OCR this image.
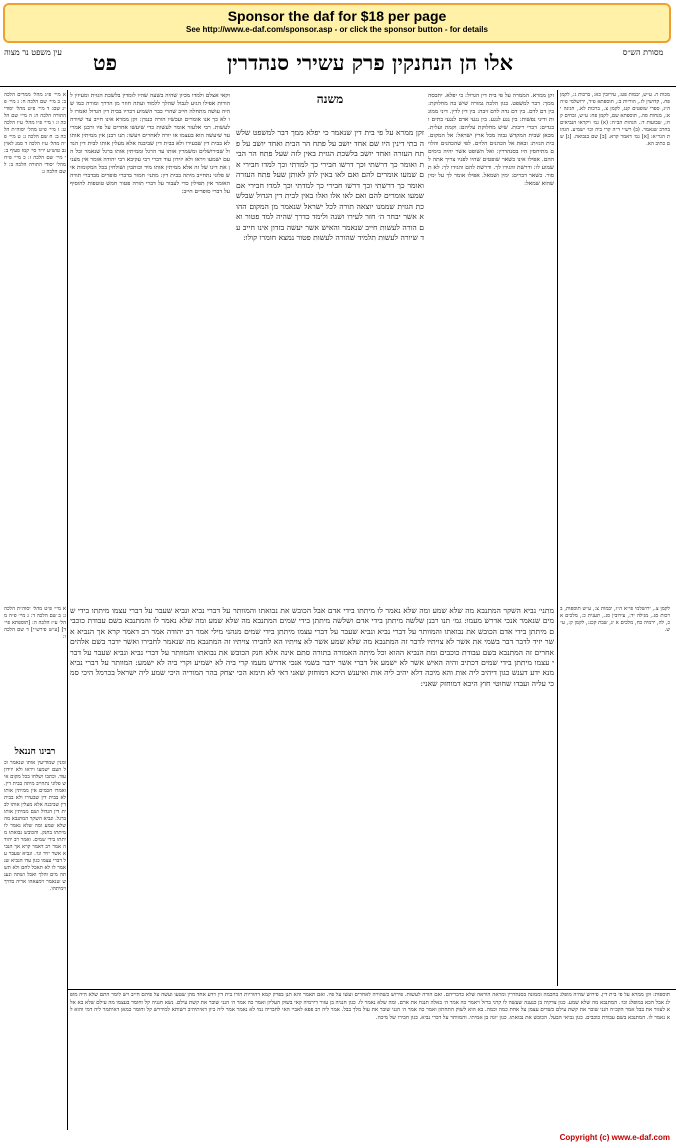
Sponsor the daf for $18 per page
See http://www.e-daf.com/sponsor.asp - or click the sponsor button - for details
עין משפט נר מצוה	פט	אלו הן הנחנקין פרק עשירי סנהדרין	מסורת הש״ס
א מיי׳ פ״ג מהל׳ ממרים הלכה ב: ב מיי׳ שם הלכה ח: ג מיי׳ פ״ג שם: ד מיי׳ פ״ט מהל׳ יסודי התורה הלכה ה: ה מיי׳ שם הלכה ז: ו מיי׳ פ״ו מהל׳ ע״ז הלכה ט: ז מיי׳ פ״ט מהל׳ יסוה״ת הלכה ב: ח שם הלכה ג: ט מיי׳ פ״ה מהל׳ ע״ז הלכה ד סמג לאוין נב טוש״ע יו״ד סי׳ קמז סעיף ב: י מיי׳ שם הלכה ז: כ מיי׳ פ״ח מהל׳ יסודי התורה הלכה ב: ל שם הלכה ג:
וקאי אצלם ולמדו מכיון שהיה בשעה שהיו לומדין בלשכת הגזית ומעיזין להורות אפילו הגיע לגבול שהלך ללמוד ועתה חוזר מן הדרך ומורה כמו שהיה עושה מתחלה חייב שהרי כבר השמיע דבריו בבית דין הגדול ואמרו לו לא כך אנו אומרים ועכשיו הורה כנגדן: זקן ממרא אינו חייב עד שיורה לעשות. רבי אלעזר אומר לעשות כדי שיעשו אחרים על פיו ורבנן אמרי עד שיעשה הוא בעצמו או יורה לאחרים ויעשו: תנו רבנן אין ממיתין אותו לא בבית דין שבעירו ולא בבית דין שביבנה אלא מעלין אותו לבית דין הגדול שבירושלים ומשמרין אותו עד הרגל וממיתין אותו ברגל שנאמר וכל העם ישמעו ויראו ולא יזידון עוד דברי רבי עקיבא רבי יהודה אומר אין מענין את דינו של זה אלא ממיתין אותו מיד וכותבין ושולחין בכל המקומות איש פלוני נתחייב מיתה בבית דין: מתני׳ חמור בדברי סופרים מבדברי תורה האומר אין תפילין כדי לעבור על דברי תורה פטור חמש טוטפות להוסיף על דברי סופרים חייב:
משנה
זקן ממרא על פי בית דין שנאמר כי יפלא ממך דבר למשפט שלשה בתי דינין היו שם אחד יושב על פתח הר הבית ואחד יושב על פתח העזרה ואחד יושב בלשכת הגזית באין לזה שעל פתח הר הבית ואומר כך דרשתי וכך דרשו חבירי כך למדתי וכך למדו חבירי אם שמעו אומרים להם ואם לאו באין להן לאותן שעל פתח העזרה ואומר כך דרשתי וכך דרשו חבירי כך למדתי וכך למדו חבירי אם שמעו אומרים להם ואם לאו אלו ואלו באין לבית דין הגדול שבלשכת הגזית שממנו יוצאה תורה לכל ישראל שנאמר מן המקום ההוא אשר יבחר ה׳ חזר לעירו ושנה ולימד כדרך שהיה למד פטור ואם הורה לעשות חייב שנאמר והאיש אשר יעשה בזדון אינו חייב עד שיורה לעשות תלמיד שהורה לעשות פטור נמצא חומרו קולו:
זקן ממרא. הממרה על פי בית דין הגדול: כי יפלא. יתכסה ממך: דבר למשפט. כגון הלכה גמורה שיש בה מחלוקת: בין דם לדם. בין דם נדה לדם זיבה: בין דין לדין. דיני ממונות ודיני נפשות: בין נגע לנגע. בין נגעי אדם לנגעי בתים ובגדים: דברי ריבות. שיש מחלוקת עליהם: וקמת ועלית. מכאן שבית המקדש גבוה מכל ארץ ישראל: אל המקום. בית הגזית: ובאת אל הכהנים הלוים. לפי שהכהנים והלוים מתיחסין היו בסנהדרין: ואל השופט אשר יהיה בימים ההם. אפילו אינו כשאר שופטים שהיו לפניו צריך אתה לשמוע לו: ודרשת והגידו לך. ודרשת להם והגידו לך: לא תסור. כשאר דברים: ימין ושמאל. אפילו אומר לך על ימין שהוא שמאל:
מכות ה. ע״ש, יבמות פט:, עירובין כא:, ברכות ג:, לקמן פח., קדושין לז., הוריות ב:, תוספתא פ״ד, ירושלמי פ״ה ה״ג, ספרי שופטים קנג, לקמן צ., ברכות לא., חגיגה יא:, מנחות סה., תוספתא שם, לקמן פח: ע״ש, זבחים קח:, שבועות ד:. הגהות הב״ח: (א) גמ׳ ויקראו הנביאים בחרב שנאמר. (ב) רש״י ד״ה קרי ביה וכו׳ ישמיע. הגהות הגר״א: [א] גמ׳ דאמר קרא. [ב] שם בנבואה. [ג] שם כתיב הא.
מתני׳ נביא השקר המתנבא מה שלא שמע ומה שלא נאמר לו מיתתו בידי אדם אבל הכובש את נבואתו והמוותר על דברי נביא ונביא שעבר על דברי עצמו מיתתו בידי שמים שנאמר אנכי אדרש מעמו: גמ׳ תנו רבנן שלשה מיתתן בידי אדם ושלשה מיתתן בידי שמים המתנבא מה שלא שמע ומה שלא נאמר לו והמתנבא בשם עבודת כוכבים מיתתן בידי אדם הכובש את נבואתו והמוותר על דברי נביא ונביא שעבר על דברי עצמו מיתתן בידי שמים מנהני מילי אמר רב יהודה אמר רב דאמר קרא אך הנביא אשר יזיד לדבר דבר בשמי את אשר לא צויתיו לדבר זה המתנבא מה שלא שמע אשר לא צויתיו הא לחבירו צויתיו זה המתנבא מה שנאמר לחבירו ואשר ידבר בשם אלהים אחרים זה המתנבא בשם עבודת כוכבים ומת הנביא ההוא וכל מיתה האמורה בתורה סתם אינה אלא חנק הכובש את נבואתו והמוותר על דברי נביא ונביא שעבר על דברי עצמו מיתתן בידי שמים דכתיב והיה האיש אשר לא ישמע אל דברי אשר ידבר בשמי אנכי אדרש מעמו קרי ביה לא ישמיע וקרי ביה לא ישמע: המוותר על דברי נביא מנא ידע דענש כגון דיהיב ליה אות והא מיכה דלא יהיב ליה אות ואיענש היכא דמוחזק שאני דאי לא תימא הכי יצחק בהר המוריה היכי שמע ליה ישראל בכרמל היכי סמכי עליה ועבדו שחוטי חוץ היכא דמוחזק שאני:
א מיי׳ פ״ט מהל׳ יסוה״ת הלכה ג: ב שם הלכה ד: ג מיי׳ פ״ה מהל׳ ע״ז הלכה ה: [תוספתא פי״ד] [ע״ש פירש״י] ד שם הלכה ו:
רבינו חננאל
ומנין שמודיעין אותו שנאמר וכל העם ישמעו ויראו ולא יזידון עוד. וכתבו ושלחו בכל מקום איש פלוני נתחייב מיתה בבית דין. ואמרו חכמים אין ממיתין אותו לא בבית דין שבעירו ולא בבית דין שביבנה אלא מעלין אותו לבית דין הגדול ושם ממיתין אותו ברגל. ונביא השקר המתנבא מה שלא שמע ומה שלא נאמר לו מיתתו בחנק. והכובש נבואתו מיתתו בידי שמים. ואמר רב יהודה אמר רב דאמר קרא אך הנביא אשר יזיד וגו׳. ונביא שעבר על דברי עצמו כגון עדו הנביא שנאמר לו לא תאכל לחם ולא תשתה מים והלך ואכל ושתה ונענש שנאמר וימצאהו אריה בדרך וימיתהו.
לקמן צ., ירושלמי פי״א ה״ו, יבמות צ:, ע״ש תוספות, ברכות סג., מגילה יד:, עירובין סג., תענית כ:, מלכים א כ, לה, ירמיה כח, מלכים א יג, שבת קכג:, לקמן ק:, ע״ש.
תוספות: זקן ממרא על פי בית דין. פירוש שהיה מופלג בחכמה וממונה בסנהדרין ומראה הוראה שלא כדבריהם. ואם הורה לעשות. פירוש כשהורה לאחרים ועשו על פיו. ואם תאמר והא תנן בפרק קמא דהוריות הורו בית דין וידע אחד מהן שטעו ועשה על פיהם חייב ויש לומר התם שלא היה מופלג אבל הכא במופלג וכו׳. המתנבא מה שלא שמע. כגון צדקיה בן כנענה שעשה לו קרני ברזל ויאמר כה אמר ה׳ באלה תנגח את ארם. ומה שלא נאמר לו. כגון חנניה בן עזור דירמיה קאי בשוק העליון ואמר כה אמר ה׳ הנני שובר את קשת עילם. נשא חנניה קל וחומר בעצמו מה עילם שלא בא אלא לעזור את בבל אמר הקב״ה הנני שובר את קשת עילם כשדים עצמן על אחת כמה וכמה. בא הוא לשוק התחתון ואמר כה אמר ה׳ הנני שובר את עול מלך בבל. אמר ליה רב פפא לאביי האי לחבריה נמי לא נאמר אמר ליה כיון דאיתיהיב רשותא למידרש קל וחומר כמאן דאיתמר ליה דמי והוא לא נאמר לו. המתנבא בשם עבודת כוכבים. כגון נביאי הבעל. הכובש את נבואתו. כגון יונה בן אמיתי. והמוותר על דברי נביא. כגון חבירו של מיכה.
Copyright (c) www.e-daf.com
